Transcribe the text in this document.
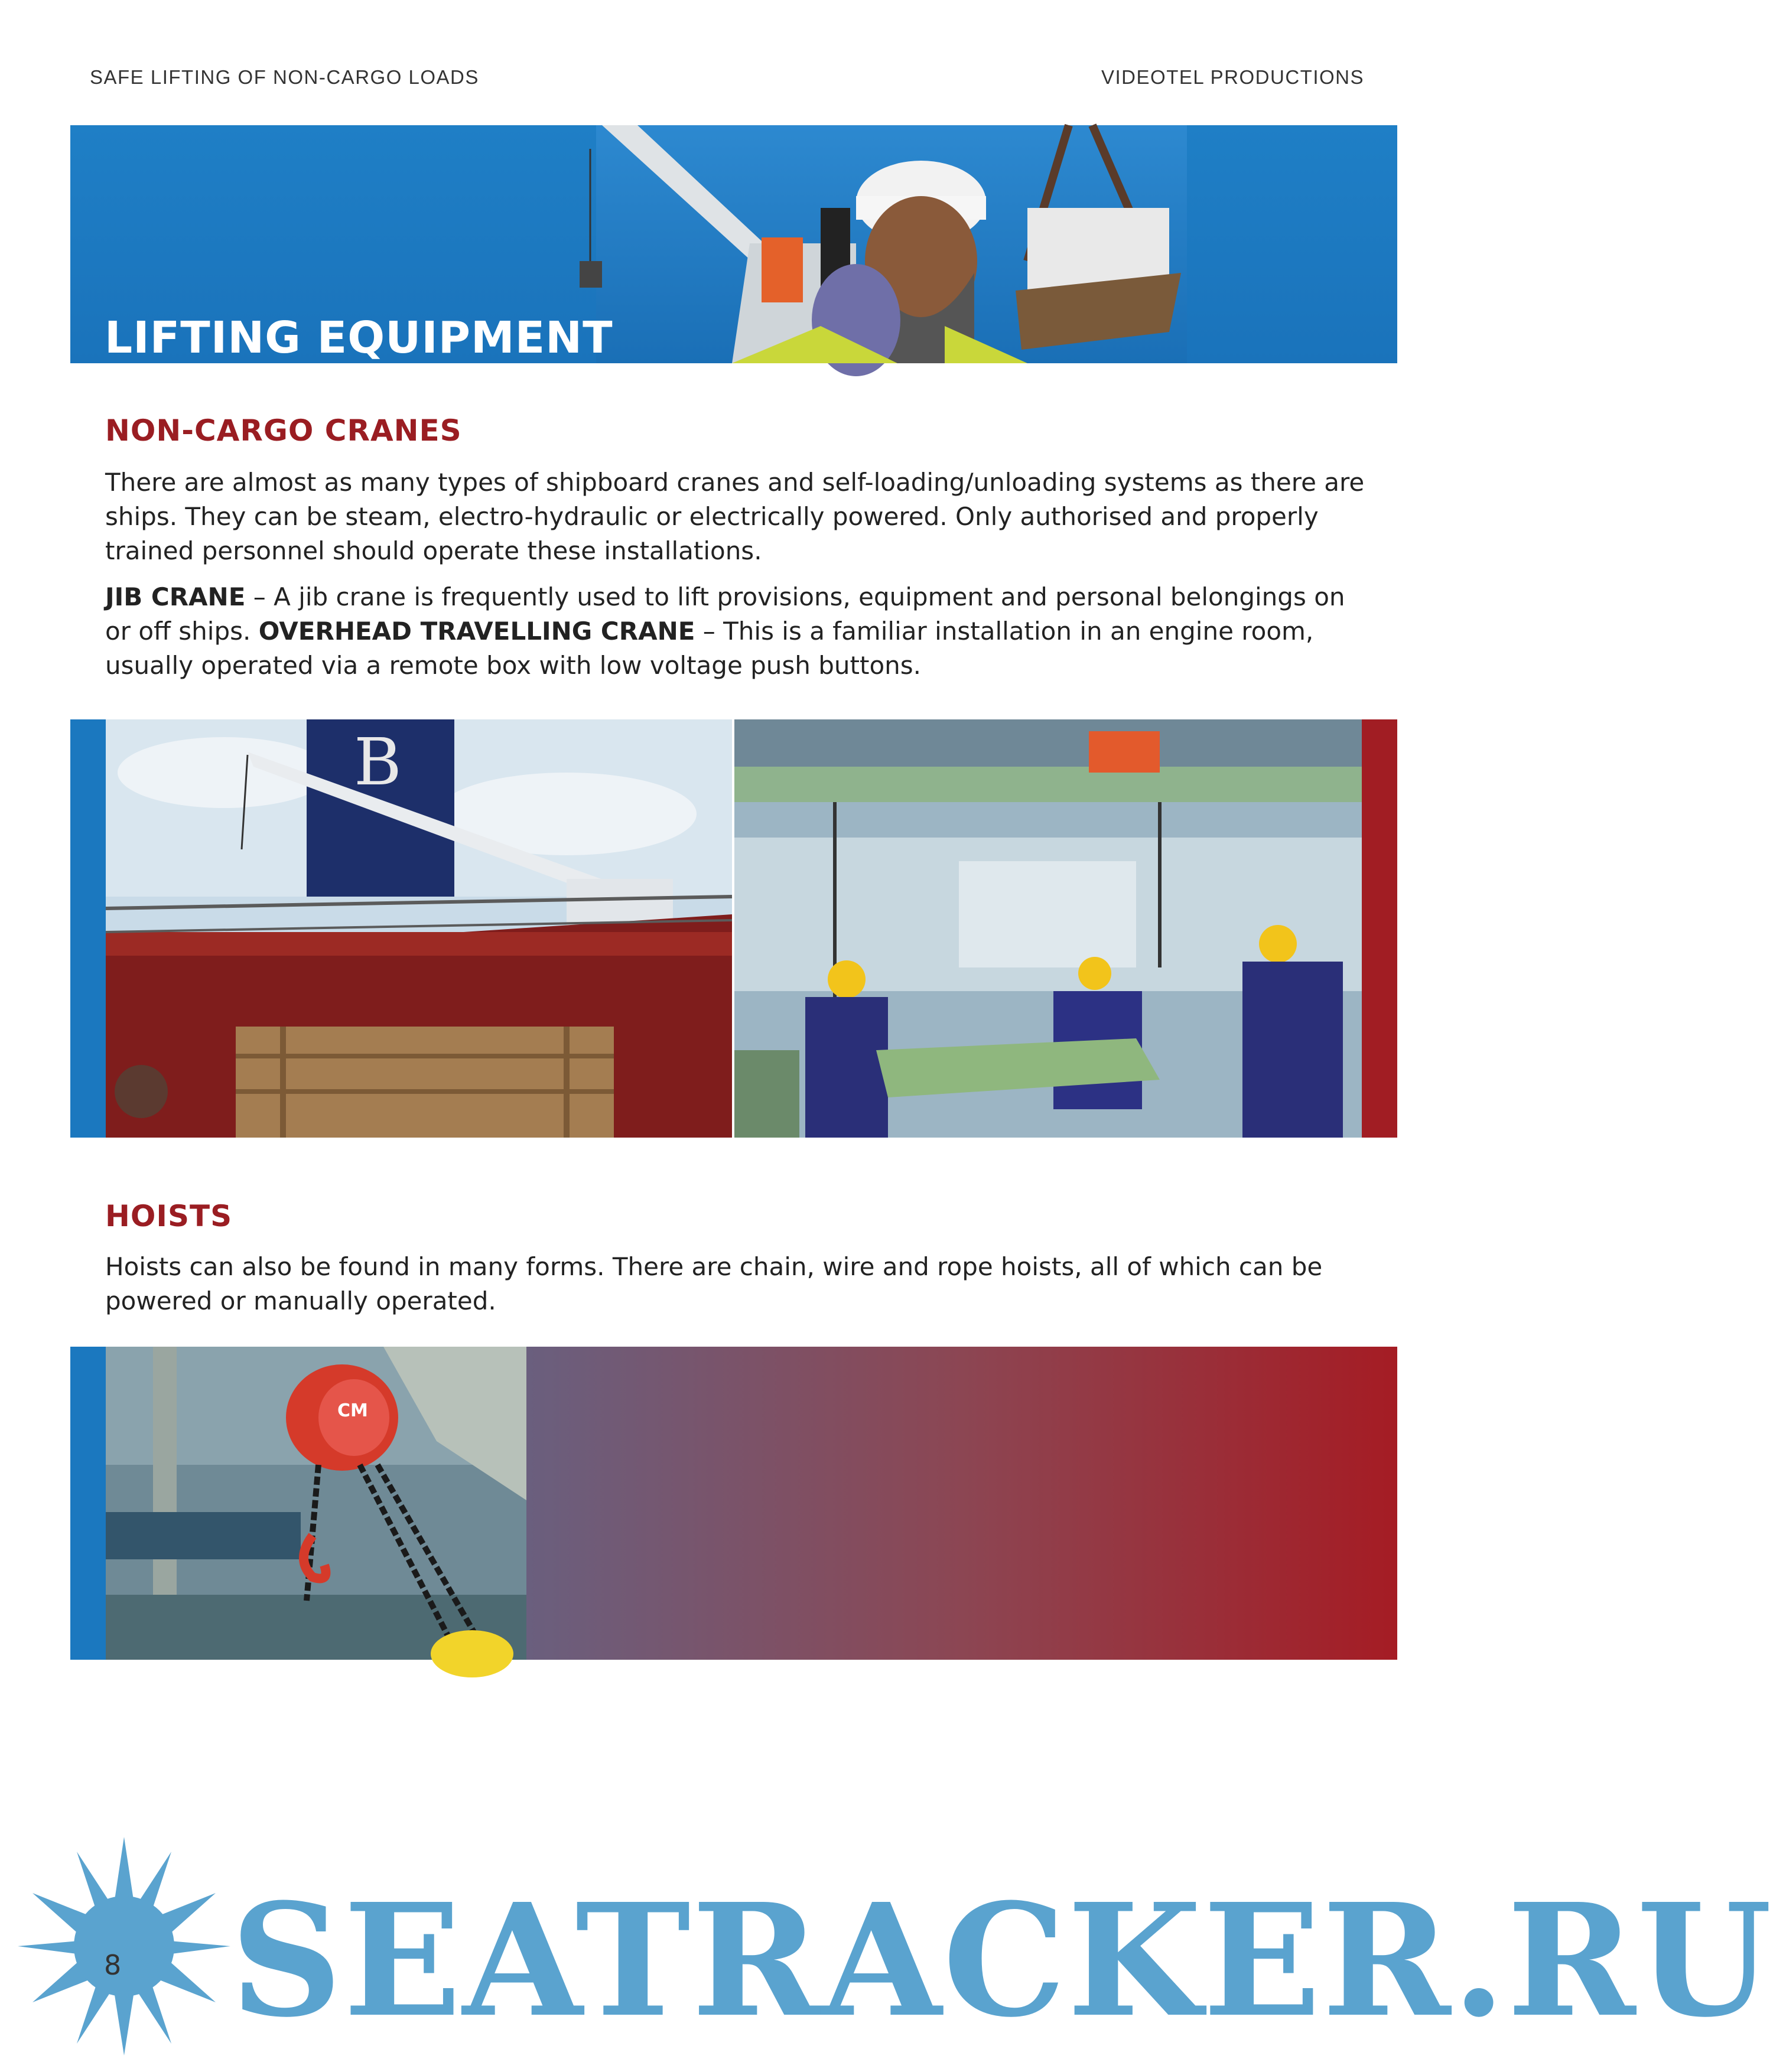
SAFE LIFTING OF NON-CARGO LOADS	VIDEOTEL PRODUCTIONS
LIFTING EQUIPMENT
NON-CARGO CRANES
There are almost as many types of shipboard cranes and self-loading/unloading systems as there are ships. They can be steam, electro-hydraulic or electrically powered. Only authorised and properly trained personnel should operate these installations.
JIB CRANE – A jib crane is frequently used to lift provisions, equipment and personal belongings on or off ships. OVERHEAD TRAVELLING CRANE – This is a familiar installation in an engine room, usually operated via a remote box with low voltage push buttons.
B
HOISTS
Hoists can also be found in many forms. There are chain, wire and rope hoists, all of which can be powered or manually operated.
CM
8 SEATRACKER.RU
